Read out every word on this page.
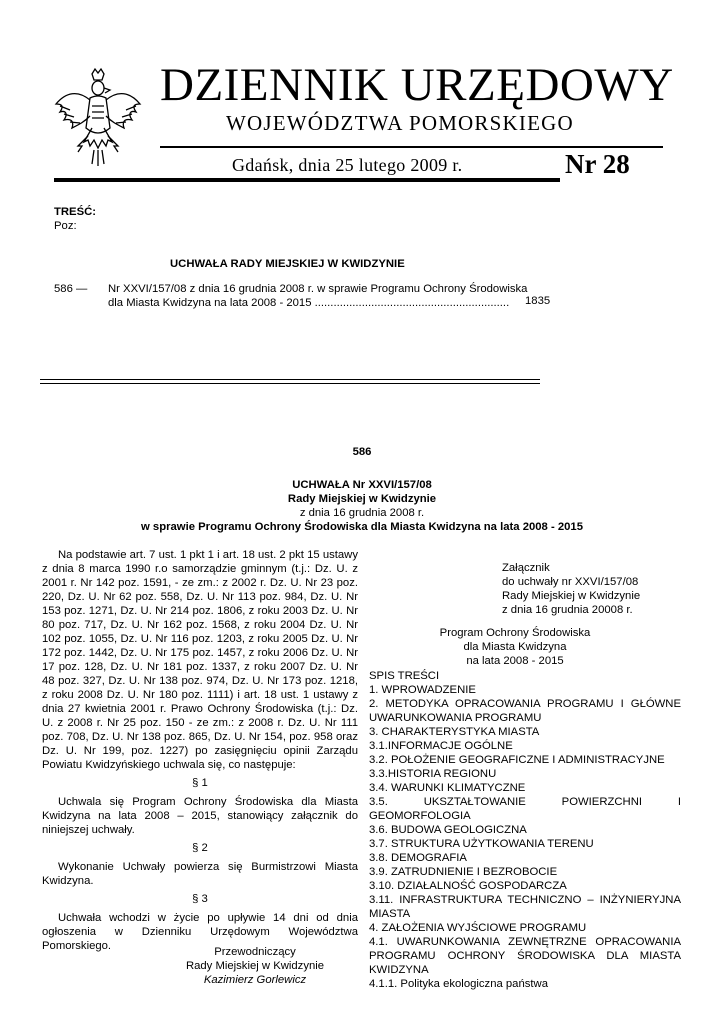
DZIENNIK URZĘDOWY
WOJEWÓDZTWA POMORSKIEGO
Gdańsk, dnia 25 lutego 2009 r.	Nr 28
TREŚĆ:
Poz:
UCHWAŁA RADY MIEJSKIEJ W KWIDZYNIE
586 — Nr XXVI/157/08 z dnia 16 grudnia 2008 r. w sprawie Programu Ochrony Środowiska
dla Miasta Kwidzyna na lata 2008 - 2015 .............................................................. 1835
586
UCHWAŁA Nr XXVI/157/08
Rady Miejskiej w Kwidzynie
z dnia 16 grudnia 2008 r.
w sprawie Programu Ochrony Środowiska dla Miasta Kwidzyna na lata 2008 - 2015

Na podstawie art. 7 ust. 1 pkt 1 i art. 18 ust. 2 pkt 15 ustawy z dnia 8 marca 1990 r.o samorządzie gminnym (t.j.: Dz. U. z 2001 r. Nr 142 poz. 1591, - ze zm.: z 2002 r. Dz. U. Nr 23 poz. 220, Dz. U. Nr 62 poz. 558, Dz. U. Nr 113 poz. 984, Dz. U. Nr 153 poz. 1271, Dz. U. Nr 214 poz. 1806, z roku 2003 Dz. U. Nr 80 poz. 717, Dz. U. Nr 162 poz. 1568, z roku 2004 Dz. U. Nr 102 poz. 1055, Dz. U. Nr 116 poz. 1203, z roku 2005 Dz. U. Nr 172 poz. 1442, Dz. U. Nr 175 poz. 1457, z roku 2006 Dz. U. Nr 17 poz. 128, Dz. U. Nr 181 poz. 1337, z roku 2007 Dz. U. Nr 48 poz. 327, Dz. U. Nr 138 poz. 974, Dz. U. Nr 173 poz. 1218, z roku 2008 Dz. U. Nr 180 poz. 1111) i art. 18 ust. 1 ustawy z dnia 27 kwietnia 2001 r. Prawo Ochrony Środowiska (t.j.: Dz. U. z 2008 r. Nr 25 poz. 150 - ze zm.: z 2008 r. Dz. U. Nr 111 poz. 708, Dz. U. Nr 138 poz. 865, Dz. U. Nr 154, poz. 958 oraz Dz. U. Nr 199, poz. 1227) po zasięgnięciu opinii Zarządu Powiatu Kwidzyńskiego uchwala się, co następuje:

§ 1

Uchwala się Program Ochrony Środowiska dla Miasta Kwidzyna na lata 2008 – 2015, stanowiący załącznik do niniejszej uchwały.

§ 2

Wykonanie Uchwały powierza się Burmistrzowi Miasta Kwidzyna.

§ 3

Uchwała wchodzi w życie po upływie 14 dni od dnia ogłoszenia w Dzienniku Urzędowym Województwa Pomorskiego.	Przewodniczący
Rady Miejskiej w Kwidzynie
Kazimierz Gorlewicz
Załącznik
do uchwały nr XXVI/157/08
Rady Miejskiej w Kwidzynie
z dnia 16 grudnia 20008 r.
Program Ochrony Środowiska
dla Miasta Kwidzyna
na lata 2008 - 2015
SPIS TREŚCI
1. WPROWADZENIE
2. METODYKA OPRACOWANIA PROGRAMU I GŁÓWNE UWARUNKOWANIA PROGRAMU
3. CHARAKTERYSTYKA MIASTA
3.1.INFORMACJE OGÓLNE
3.2. POŁOŻENIE GEOGRAFICZNE I ADMINISTRACYJNE
3.3.HISTORIA REGIONU
3.4. WARUNKI KLIMATYCZNE
3.5. UKSZTAŁTOWANIE POWIERZCHNI I GEOMORFOLOGIA
3.6. BUDOWA GEOLOGICZNA
3.7. STRUKTURA UŻYTKOWANIA TERENU
3.8. DEMOGRAFIA
3.9. ZATRUDNIENIE I BEZROBOCIE
3.10. DZIAŁALNOŚĆ GOSPODARCZA
3.11. INFRASTRUKTURA TECHNICZNO – INŻYNIERYJNA MIASTA
4. ZAŁOŻENIA WYJŚCIOWE PROGRAMU
4.1. UWARUNKOWANIA ZEWNĘTRZNE OPRACOWANIA PROGRAMU OCHRONY ŚRODOWISKA DLA MIASTA KWIDZYNA
4.1.1. Polityka ekologiczna państwa
